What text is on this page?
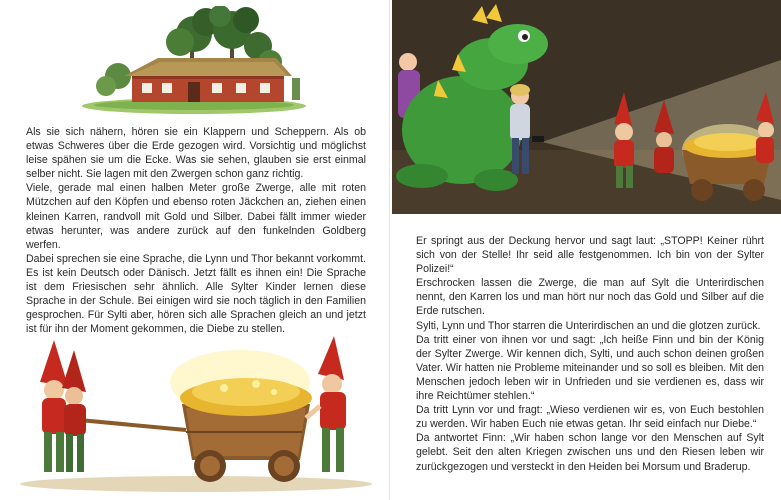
Als sie sich nähern, hören sie ein Klappern und Scheppern. Als ob etwas Schweres über die Erde gezogen wird. Vorsichtig und möglichst leise spähen sie um die Ecke. Was sie sehen, glauben sie erst einmal selber nicht. Sie lagen mit den Zwergen schon ganz richtig.

Viele, gerade mal einen halben Meter große Zwerge, alle mit roten Mützchen auf den Köpfen und ebenso roten Jäckchen an, ziehen einen kleinen Karren, randvoll mit Gold und Silber. Dabei fällt immer wieder etwas herunter, was andere zurück auf den funkelnden Goldberg werfen.

Dabei sprechen sie eine Sprache, die Lynn und Thor bekannt vorkommt. Es ist kein Deutsch oder Dänisch. Jetzt fällt es ihnen ein! Die Sprache ist dem Friesischen sehr ähnlich. Alle Sylter Kinder lernen diese Sprache in der Schule. Bei einigen wird sie noch täglich in den Familien gesprochen. Für Sylti aber, hören sich alle Sprachen gleich an und jetzt ist für ihn der Moment gekommen, die Diebe zu stellen.

Er springt aus der Deckung hervor und sagt laut: „STOPP! Keiner rührt sich von der Stelle! Ihr seid alle festgenommen. Ich bin von der Sylter Polizei!“

Erschrocken lassen die Zwerge, die man auf Sylt die Unterirdischen nennt, den Karren los und man hört nur noch das Gold und Silber auf die Erde rutschen.

Sylti, Lynn und Thor starren die Unterirdischen an und die glotzen zurück.

Da tritt einer von ihnen vor und sagt: „Ich heiße Finn und bin der König der Sylter Zwerge. Wir kennen dich, Sylti, und auch schon deinen großen Vater. Wir hatten nie Probleme miteinander und so soll es bleiben. Mit den Menschen jedoch leben wir in Unfrieden und sie verdienen es, dass wir ihre Reichtümer stehlen.“

Da tritt Lynn vor und fragt: „Wieso verdienen wir es, von Euch bestohlen zu werden. Wir haben Euch nie etwas getan. Ihr seid einfach nur Diebe.“

Da antwortet Finn: „Wir haben schon lange vor den Menschen auf Sylt gelebt. Seit den alten Kriegen zwischen uns und den Riesen leben wir zurückgezogen und versteckt in den Heiden bei Morsum und Braderup.
